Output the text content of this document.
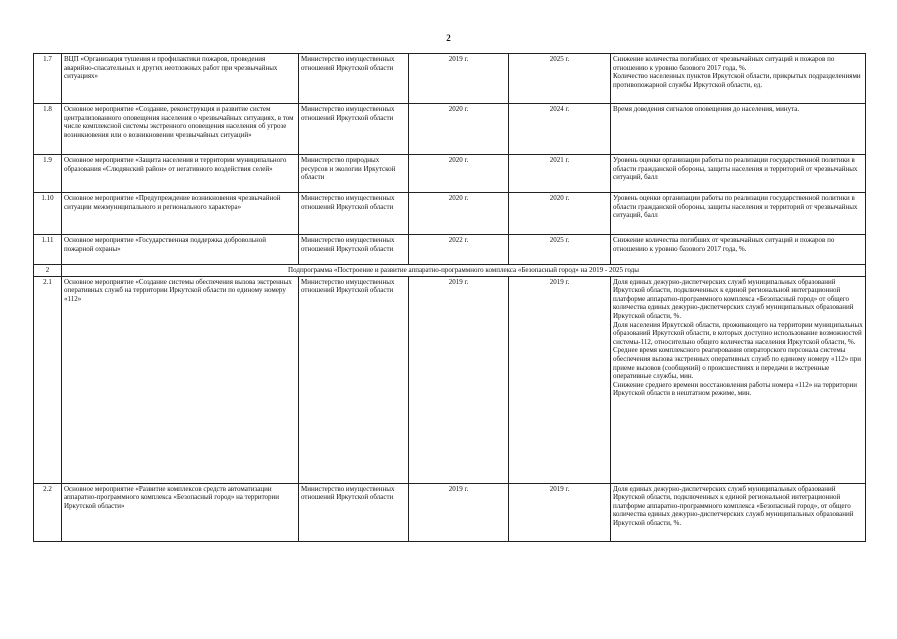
2
1.7	ВЦП «Организация тушения и профилактики пожаров, проведения аварийно-спасательных и других неотложных работ при чрезвычайных ситуациях»	Министерство имущественных отношений Иркутской области	2019 г.	2025 г.	Снижение количества погибших от чрезвычайных ситуаций и пожаров по отношению к уровню базового 2017 года, %.
Количество населенных пунктов Иркутской области, прикрытых подразделениями противопожарной службы Иркутской области, ед.

1.8	Основное мероприятие «Создание, реконструкция и развитие систем централизованного оповещения населения о чрезвычайных ситуациях, в том числе комплексной системы экстренного оповещения населения об угрозе возникновения или о возникновении чрезвычайных ситуаций»	Министерство имущественных отношений Иркутской области	2020 г.	2024 г.	Время доведения сигналов оповещения до населения, минута.

1.9	Основное мероприятие «Защита населения и территории муниципального образования «Слюдянский район» от негативного воздействия селей»	Министерство природных ресурсов и экологии Иркутской области	2020 г.	2021 г.	Уровень оценки организации работы по реализации государственной политики в области гражданской обороны, защиты населения и территорий от чрезвычайных ситуаций, балл

1.10	Основное мероприятие «Предупреждение возникновения чрезвычайной ситуации межмуниципального и регионального характера»	Министерство имущественных отношений Иркутской области	2020 г.	2020 г.	Уровень оценки организации работы по реализации государственной политики в области гражданской обороны, защиты населения и территорий от чрезвычайных ситуаций, балл

1.11	Основное мероприятие «Государственная поддержка добровольной пожарной охраны»	Министерство имущественных отношений Иркутской области	2022 г.	2025 г.	Снижение количества погибших от чрезвычайных ситуаций и пожаров по отношению к уровню базового 2017 года, %.

2	Подпрограмма «Построение и развитие аппаратно-программного комплекса «Безопасный город» на 2019 - 2025 годы				
2.1	Основное мероприятие «Создание системы обеспечения вызова экстренных оперативных служб на территории Иркутской области по единому номеру «112»	Министерство имущественных отношений Иркутской области	2019 г.	2019 г.	Доля единых дежурно-диспетчерских служб муниципальных образований Иркутской области, подключенных к единой региональной интеграционной платформе аппаратно-программного комплекса «Безопасный город» от общего количества единых дежурно-диспетчерских служб муниципальных образований Иркутской области, %.
Доля населения Иркутской области, проживающего на территории муниципальных образований Иркутской области, в которых доступно использование возможностей системы-112, относительно общего количества населения Иркутской области, %.
Среднее время комплексного реагирования операторского персонала системы обеспечения вызова экстренных оперативных служб по единому номеру «112» при приеме вызовов (сообщений) о происшествиях и передачи в экстренные оперативные службы, мин.
Снижение среднего времени восстановления работы номера «112» на территории Иркутской области в нештатном режиме, мин.

2.2	Основное мероприятие «Развитие комплексов средств автоматизации аппаратно-программного комплекса «Безопасный город» на территории Иркутской области»	Министерство имущественных отношений Иркутской области	2019 г.	2019 г.	Доля единых дежурно-диспетчерских служб муниципальных образований Иркутской области, подключенных к единой региональной интеграционной платформе аппаратно-программного комплекса «Безопасный город», от общего количества единых дежурно-диспетчерских служб муниципальных образований Иркутской области, %.
